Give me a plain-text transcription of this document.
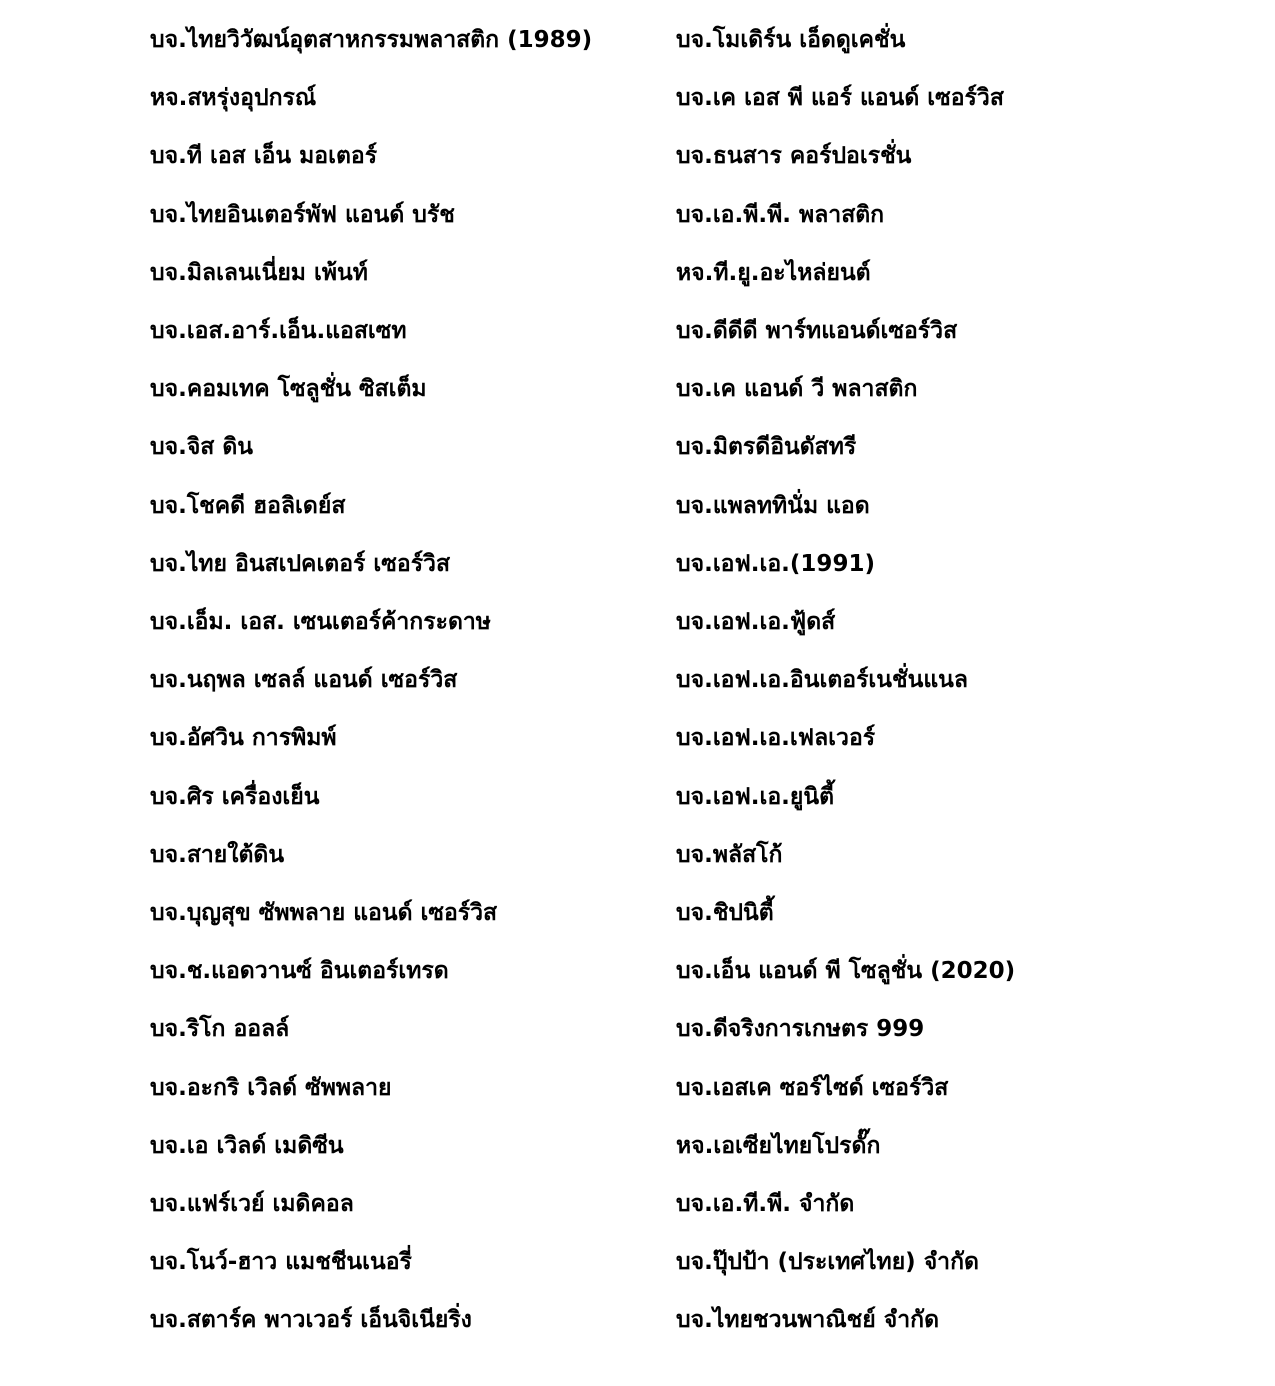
บจ.ไทยวิวัฒน์อุตสาหกรรมพลาสติก (1989)
หจ.สหรุ่งอุปกรณ์
บจ.ที เอส เอ็น มอเตอร์
บจ.ไทยอินเตอร์พัฟ แอนด์ บรัช
บจ.มิลเลนเนี่ยม เพ้นท์
บจ.เอส.อาร์.เอ็น.แอสเซท
บจ.คอมเทค โซลูชั่น ซิสเต็ม
บจ.จิส ดิน
บจ.โชคดี ฮอลิเดย์ส
บจ.ไทย อินสเปคเตอร์ เซอร์วิส
บจ.เอ็ม. เอส. เซนเตอร์ค้ากระดาษ
บจ.นฤพล เซลล์ แอนด์ เซอร์วิส
บจ.อัศวิน การพิมพ์
บจ.ศิร เครื่องเย็น
บจ.สายใต้ดิน
บจ.บุญสุข ซัพพลาย แอนด์ เซอร์วิส
บจ.ช.แอดวานซ์ อินเตอร์เทรด
บจ.ริโก ออลล์
บจ.อะกริ เวิลด์ ซัพพลาย
บจ.เอ เวิลด์ เมดิซีน
บจ.แฟร์เวย์ เมดิคอล
บจ.โนว์-ฮาว แมชชีนเนอรี่
บจ.สตาร์ค พาวเวอร์ เอ็นจิเนียริ่ง
บจ.โมเดิร์น เอ็ดดูเคชั่น
บจ.เค เอส พี แอร์ แอนด์ เซอร์วิส
บจ.ธนสาร คอร์ปอเรชั่น
บจ.เอ.พี.พี. พลาสติก
หจ.ที.ยู.อะไหล่ยนต์
บจ.ดีดีดี พาร์ทแอนด์เซอร์วิส
บจ.เค แอนด์ วี พลาสติก
บจ.มิตรดีอินดัสทรี
บจ.แพลททินั่ม แอด
บจ.เอฟ.เอ.(1991)
บจ.เอฟ.เอ.ฟู้ดส์
บจ.เอฟ.เอ.อินเตอร์เนชั่นแนล
บจ.เอฟ.เอ.เฟลเวอร์
บจ.เอฟ.เอ.ยูนิตี้
บจ.พลัสโก้
บจ.ชิปนิตี้
บจ.เอ็น แอนด์ พี โซลูชั่น (2020)
บจ.ดีจริงการเกษตร 999
บจ.เอสเค ซอร์ไซด์ เซอร์วิส
หจ.เอเซียไทยโปรดั๊ก
บจ.เอ.ที.พี. จำกัด
บจ.ปุ๊ปป้า (ประเทศไทย) จำกัด
บจ.ไทยชวนพาณิชย์ จำกัด
